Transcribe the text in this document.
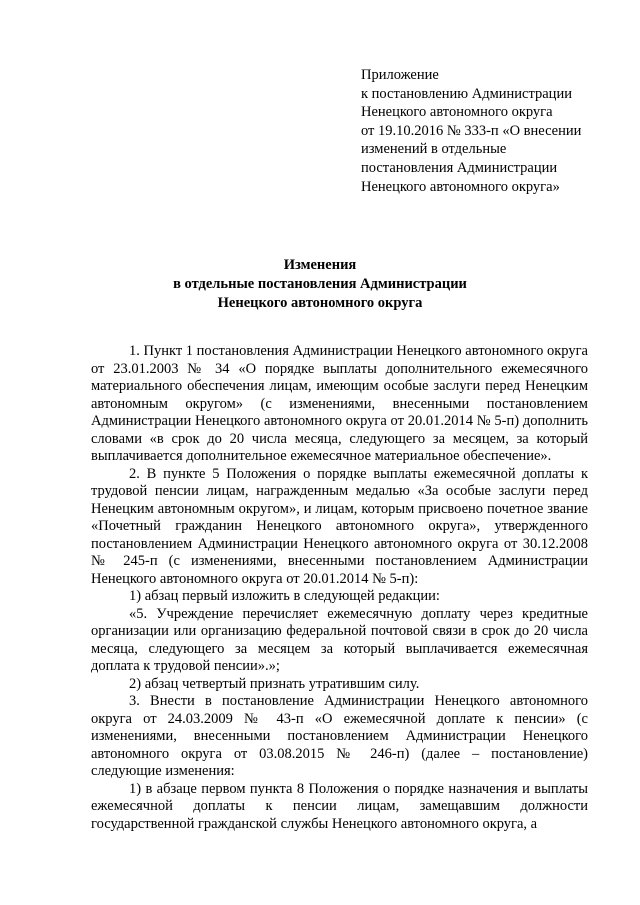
Приложение
к постановлению Администрации
Ненецкого автономного округа
от 19.10.2016 № 333-п «О внесении
изменений в отдельные
постановления Администрации
Ненецкого автономного округа»
Изменения
в отдельные постановления Администрации
Ненецкого автономного округа

1. Пункт 1 постановления Администрации Ненецкого автономного округа от 23.01.2003 № 34 «О порядке выплаты дополнительного ежемесячного материального обеспечения лицам, имеющим особые заслуги перед Ненецким автономным округом» (с изменениями, внесенными постановлением Администрации Ненецкого автономного округа от 20.01.2014 № 5-п) дополнить словами «в срок до 20 числа месяца, следующего за месяцем, за который выплачивается дополнительное ежемесячное материальное обеспечение».

2. В пункте 5 Положения о порядке выплаты ежемесячной доплаты к трудовой пенсии лицам, награжденным медалью «За особые заслуги перед Ненецким автономным округом», и лицам, которым присвоено почетное звание «Почетный гражданин Ненецкого автономного округа», утвержденного постановлением Администрации Ненецкого автономного округа от 30.12.2008 № 245-п (с изменениями, внесенными постановлением Администрации Ненецкого автономного округа от 20.01.2014 № 5-п):

1) абзац первый изложить в следующей редакции:

«5. Учреждение перечисляет ежемесячную доплату через кредитные организации или организацию федеральной почтовой связи в срок до 20 числа месяца, следующего за месяцем за который выплачивается ежемесячная доплата к трудовой пенсии».»;

2) абзац четвертый признать утратившим силу.

3. Внести в постановление Администрации Ненецкого автономного округа от 24.03.2009 № 43-п «О ежемесячной доплате к пенсии» (с изменениями, внесенными постановлением Администрации Ненецкого автономного округа от 03.08.2015 № 246-п) (далее – постановление) следующие изменения:

1) в абзаце первом пункта 8 Положения о порядке назначения и выплаты ежемесячной доплаты к пенсии лицам, замещавшим должности государственной гражданской службы Ненецкого автономного округа, а
